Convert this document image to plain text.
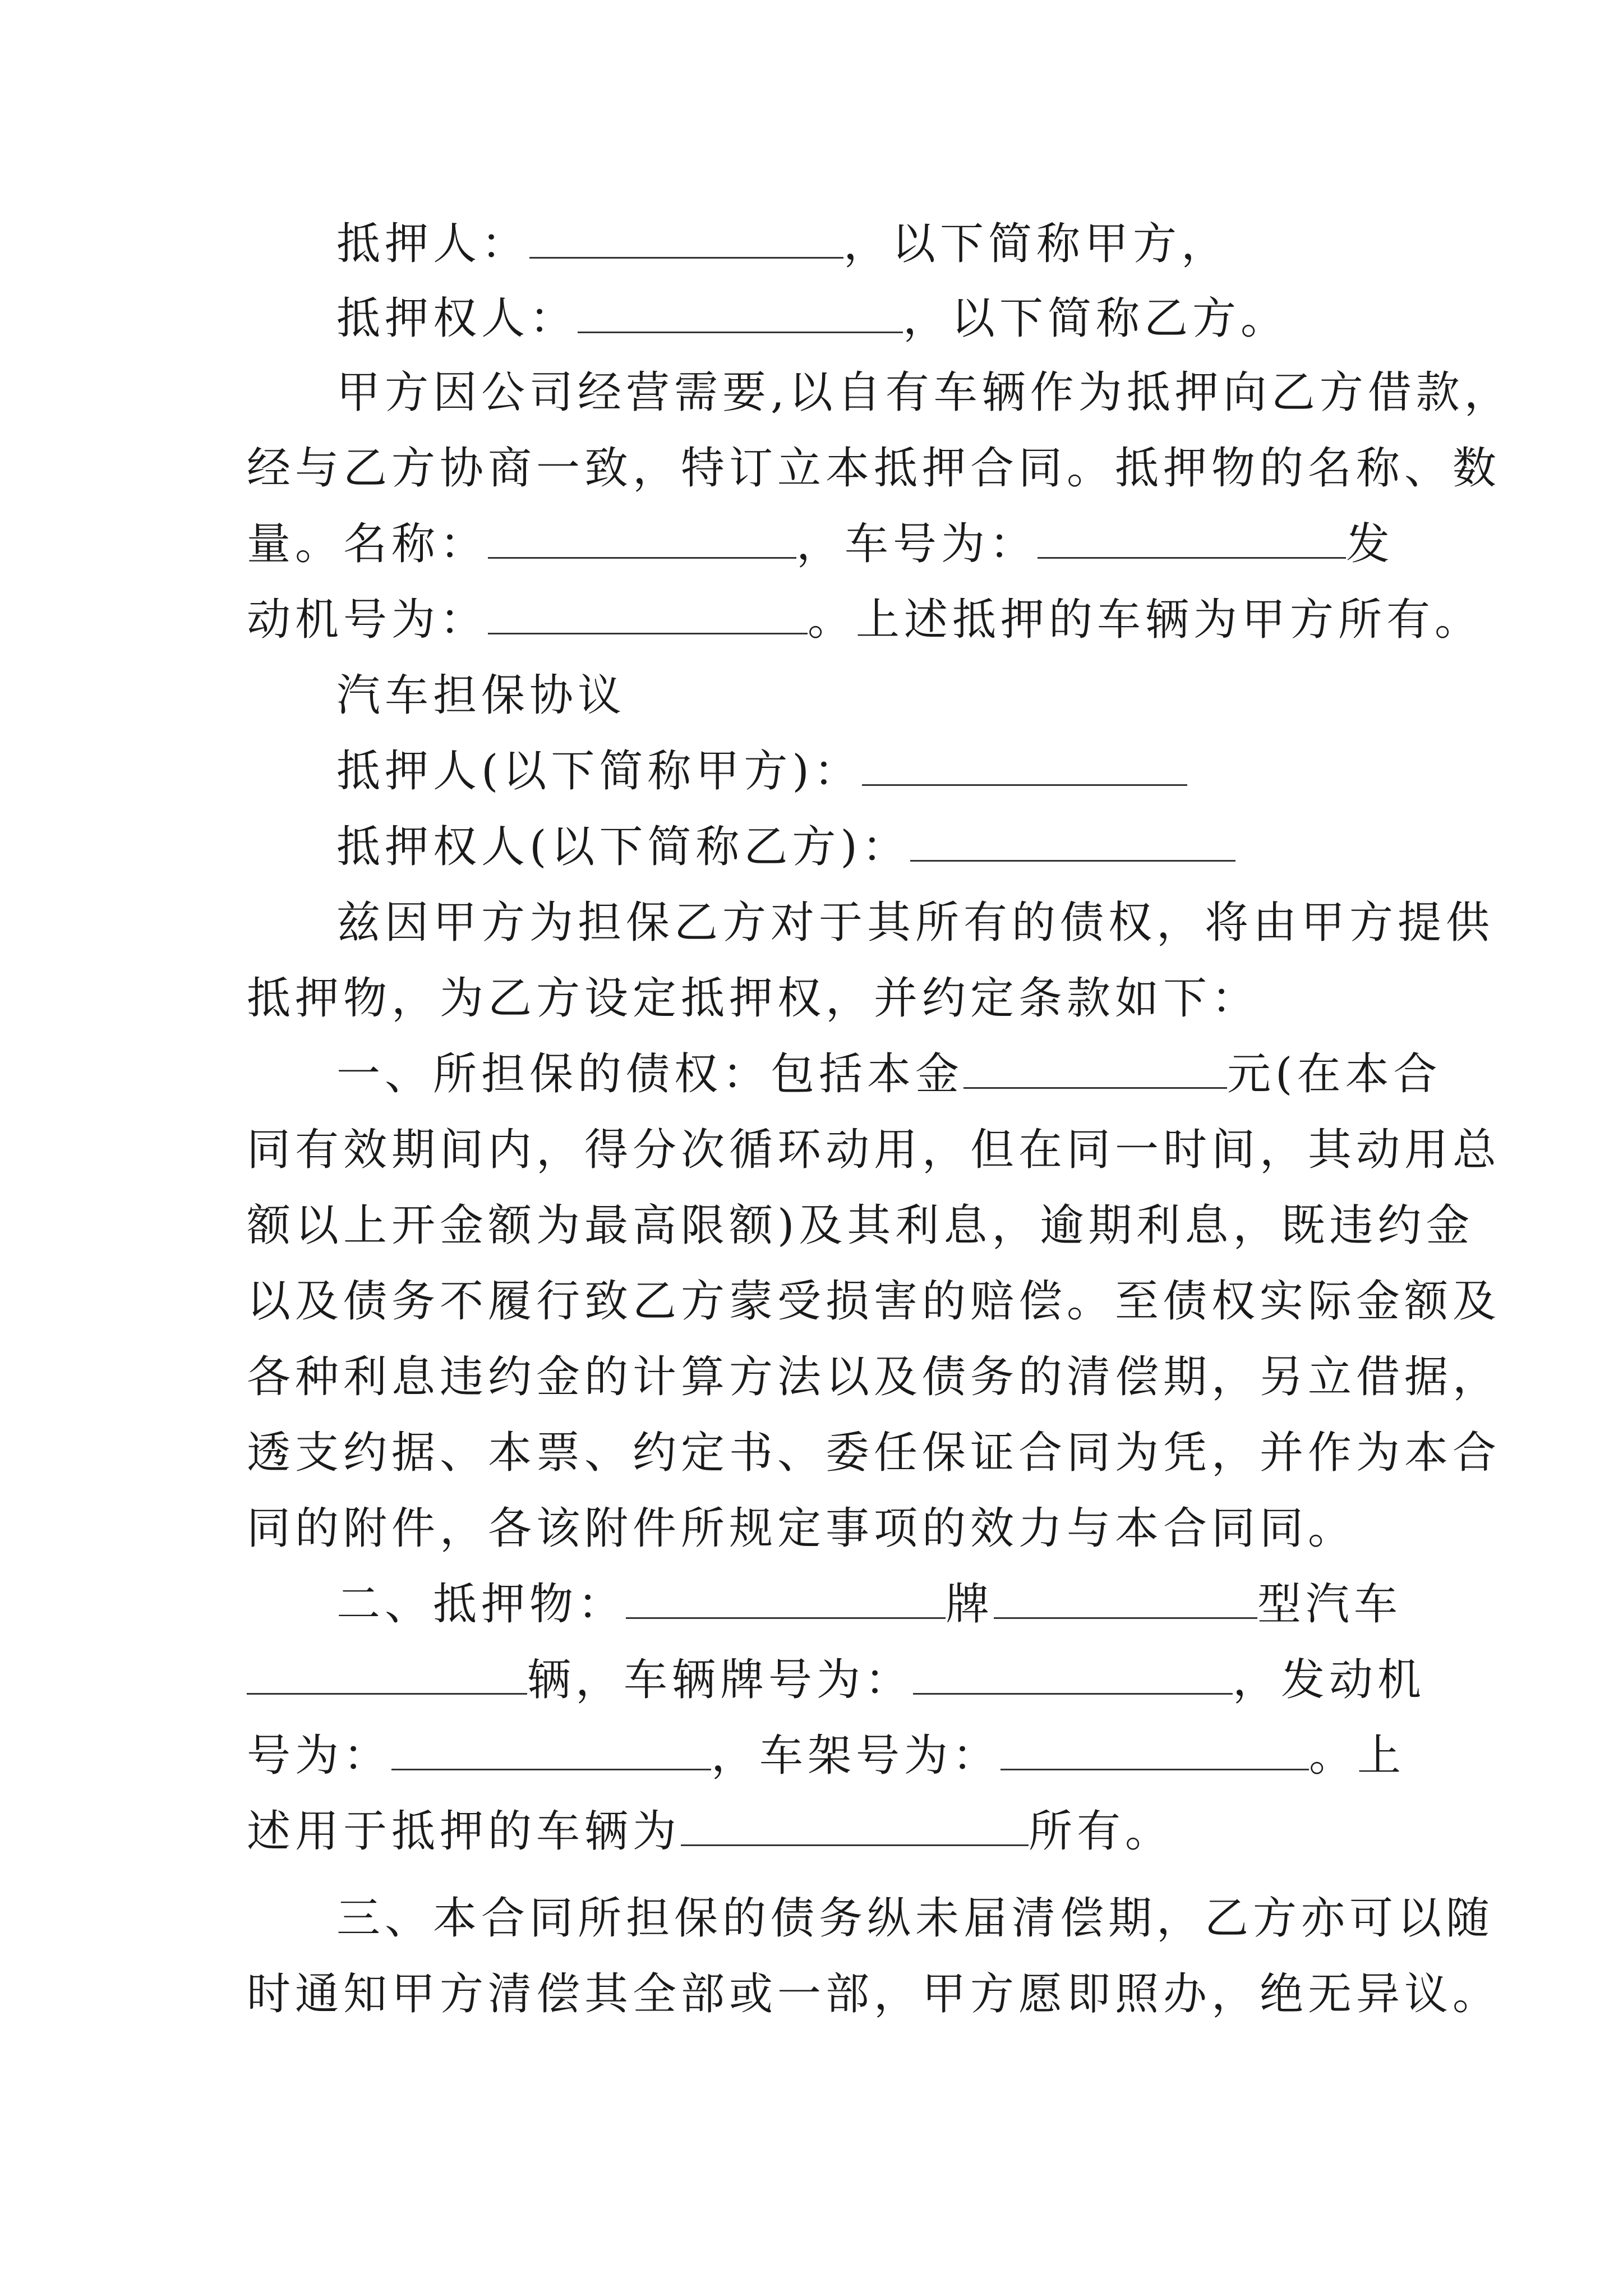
抵押人：	，以下简称甲方，
抵押权人：	，以下简称乙方。
甲方因公司经营需要,以自有车辆作为抵押向乙方借款，
经与乙方协商一致，特订立本抵押合同。抵押物的名称、数
量。名称：	，车号为：	发
动机号为：	。上述抵押的车辆为甲方所有。
汽车担保协议
抵押人(以下简称甲方)：
抵押权人(以下简称乙方)：
兹因甲方为担保乙方对于其所有的债权，将由甲方提供
抵押物，为乙方设定抵押权，并约定条款如下：
一、所担保的债权：包括本金	元(在本合
同有效期间内，得分次循环动用，但在同一时间，其动用总
额以上开金额为最高限额)及其利息，逾期利息，既违约金
以及债务不履行致乙方蒙受损害的赔偿。至债权实际金额及
各种利息违约金的计算方法以及债务的清偿期，另立借据，
透支约据、本票、约定书、委任保证合同为凭，并作为本合
同的附件，各该附件所规定事项的效力与本合同同。
二、抵押物：	牌	型汽车
辆，车辆牌号为：	，发动机
号为：	，车架号为：	。上
述用于抵押的车辆为	所有。
三、本合同所担保的债务纵未届清偿期，乙方亦可以随
时通知甲方清偿其全部或一部，甲方愿即照办，绝无异议。
